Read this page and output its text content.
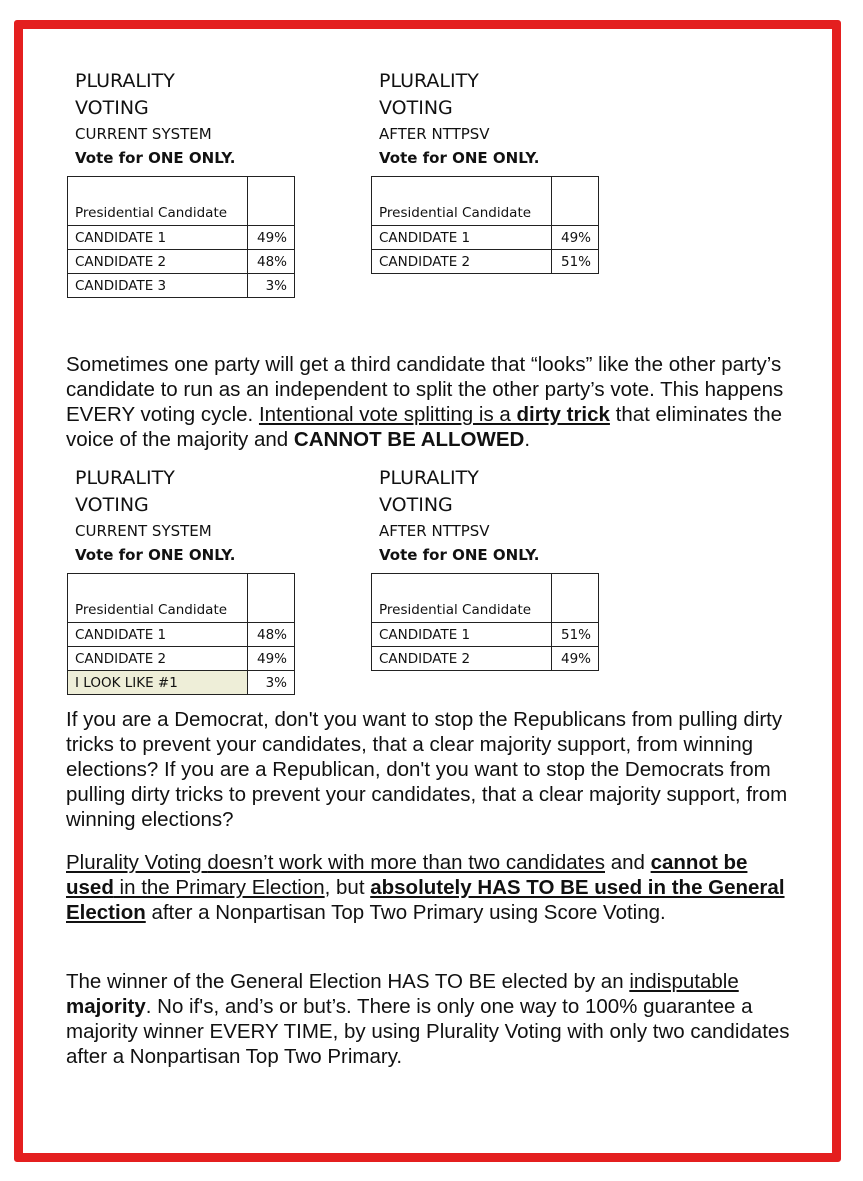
PLURALITY
VOTING
CURRENT SYSTEM
Vote for ONE ONLY.
Presidential Candidate	
CANDIDATE 1	49%
CANDIDATE 2	48%
CANDIDATE 3	3%
PLURALITY
VOTING
AFTER NTTPSV
Vote for ONE ONLY.
Presidential Candidate	
CANDIDATE 1	49%
CANDIDATE 2	51%
Sometimes one party will get a third candidate that “looks” like the other party’s candidate to run as an independent to split the other party’s vote. This happens EVERY voting cycle. Intentional vote splitting is a dirty trick that eliminates the voice of the majority and CANNOT BE ALLOWED.
PLURALITY
VOTING
CURRENT SYSTEM
Vote for ONE ONLY.
Presidential Candidate	
CANDIDATE 1	48%
CANDIDATE 2	49%
I LOOK LIKE #1	3%
PLURALITY
VOTING
AFTER NTTPSV
Vote for ONE ONLY.
Presidential Candidate	
CANDIDATE 1	51%
CANDIDATE 2	49%
If you are a Democrat, don't you want to stop the Republicans from pulling dirty tricks to prevent your candidates, that a clear majority support, from winning elections? If you are a Republican, don't you want to stop the Democrats from pulling dirty tricks to prevent your candidates, that a clear majority support, from winning elections?
Plurality Voting doesn’t work with more than two candidates and cannot be used in the Primary Election, but absolutely HAS TO BE used in the General Election after a Nonpartisan Top Two Primary using Score Voting.
The winner of the General Election HAS TO BE elected by an indisputable majority. No if's, and’s or but’s. There is only one way to 100% guarantee a majority winner EVERY TIME, by using Plurality Voting with only two candidates after a Nonpartisan Top Two Primary.
